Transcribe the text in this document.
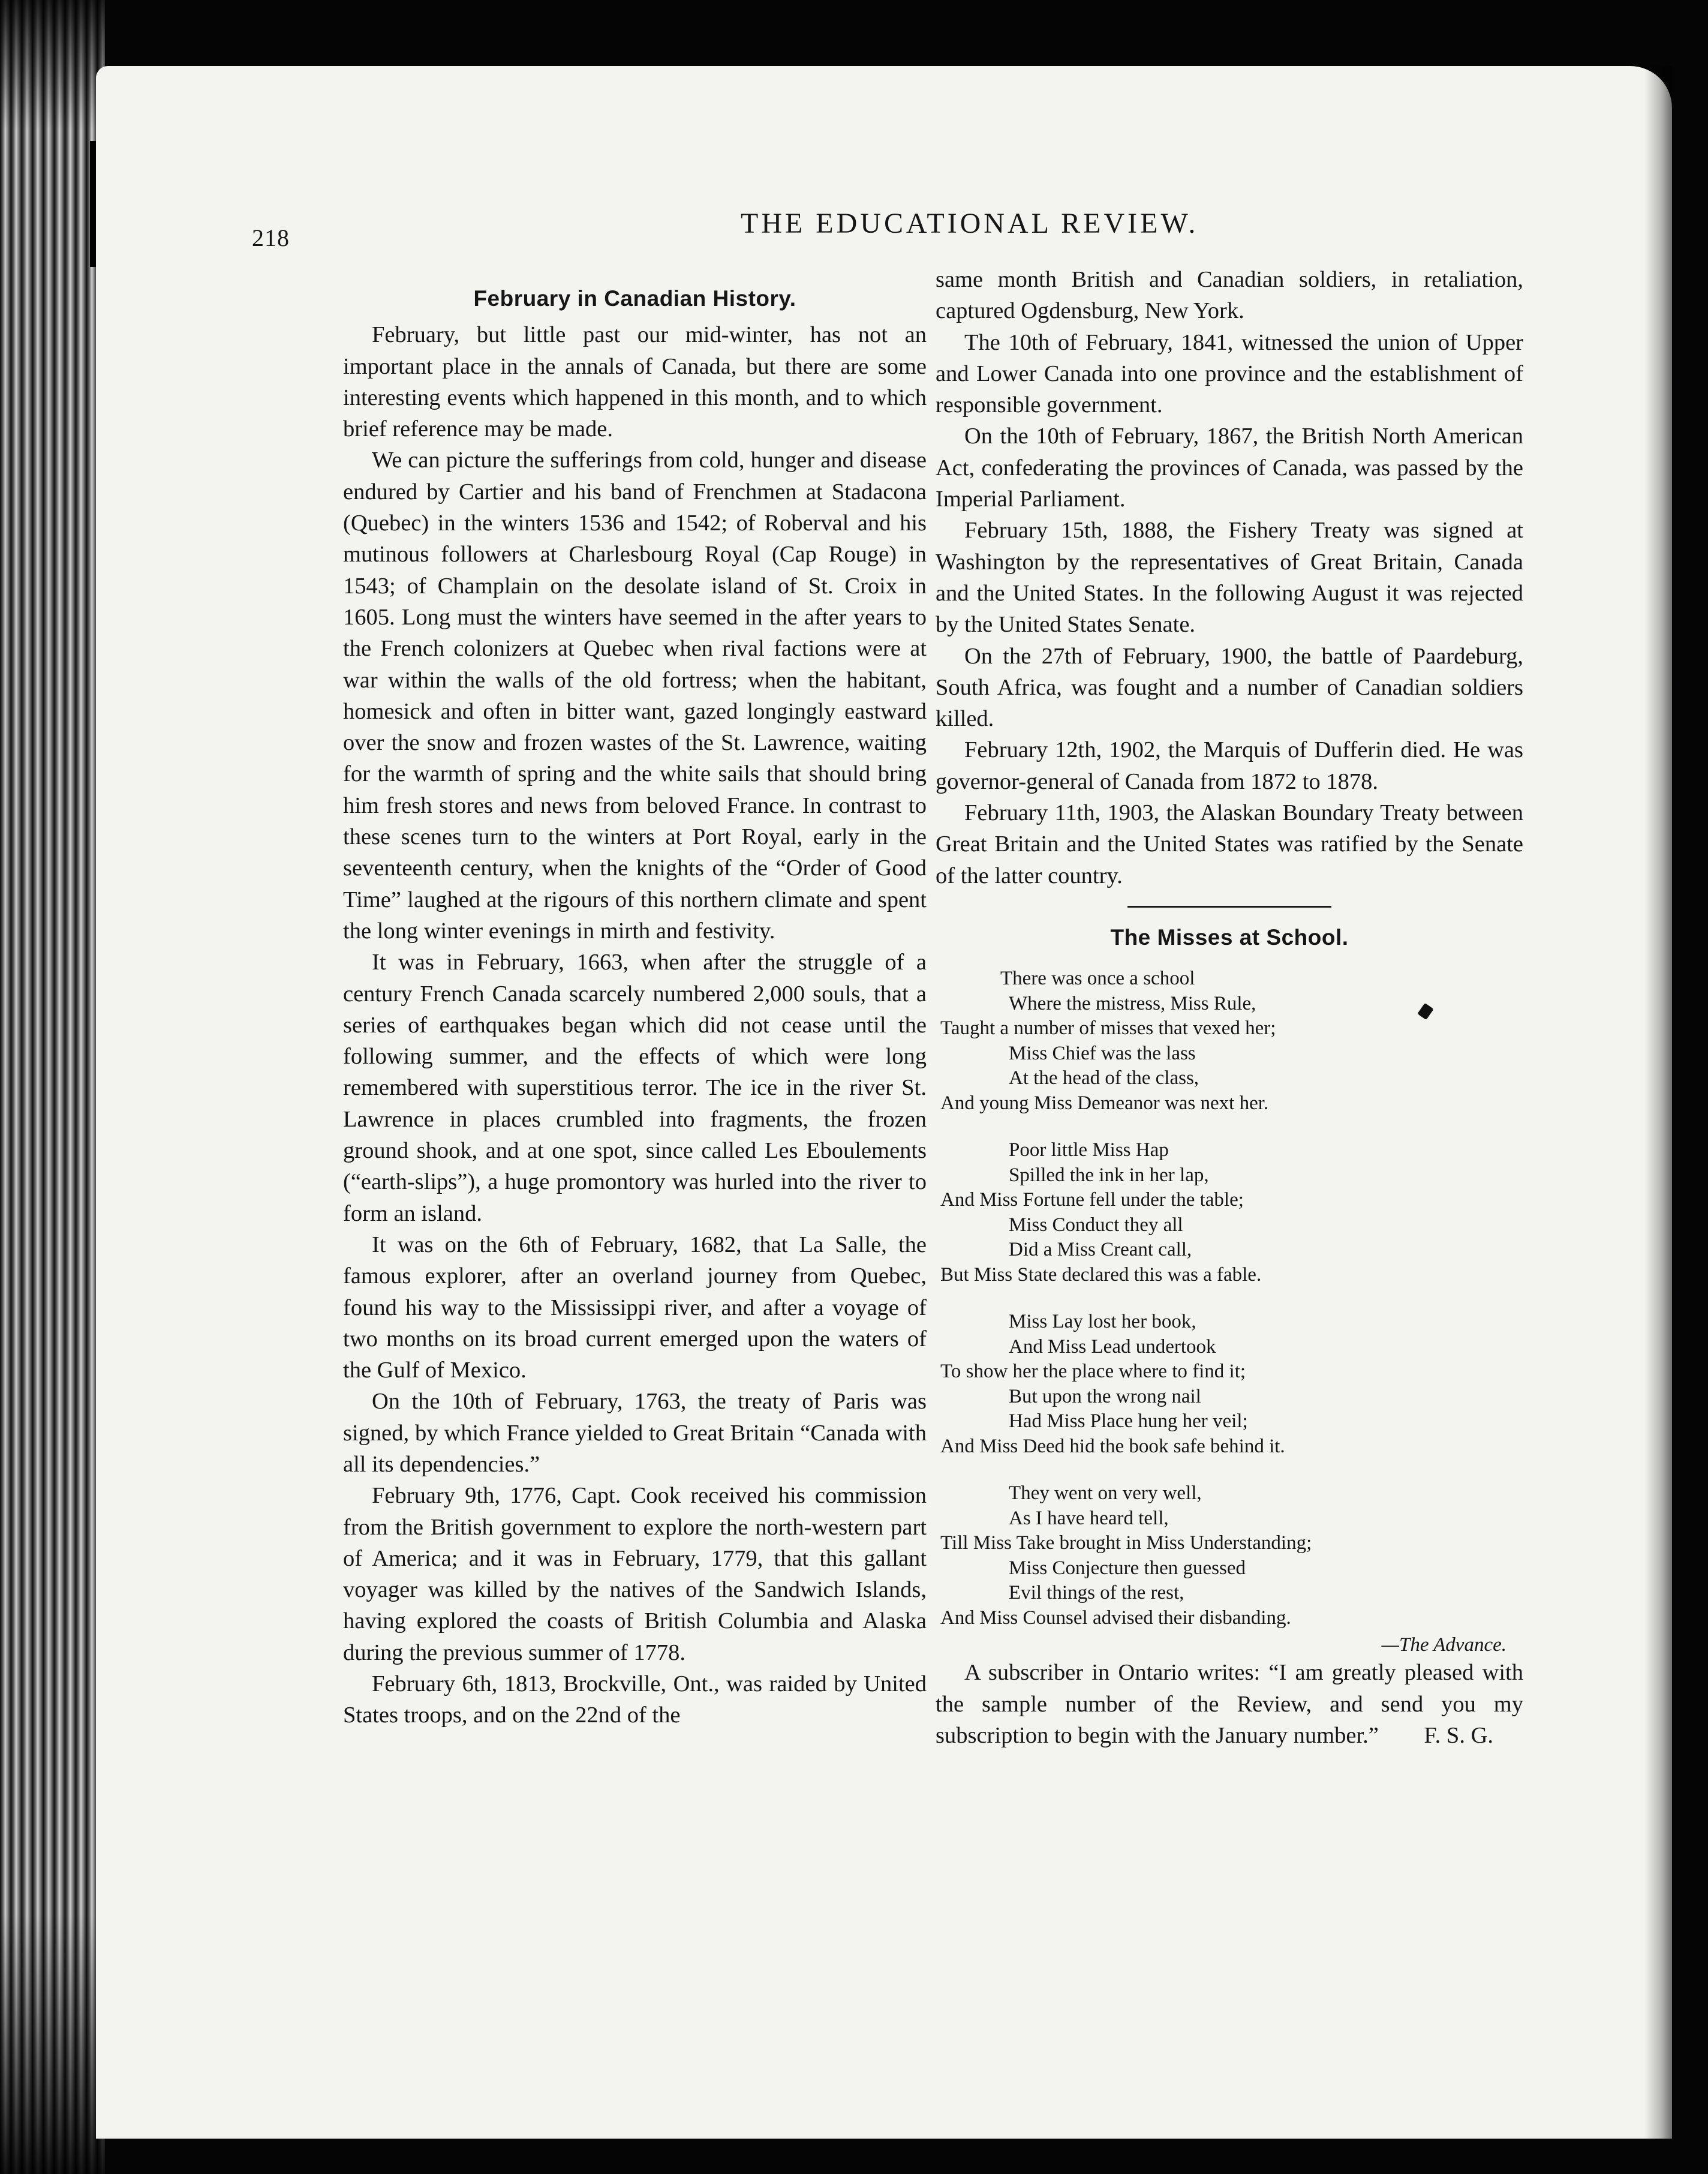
218	THE EDUCATIONAL REVIEW.
February in Canadian History.

February, but little past our mid-winter, has not an important place in the annals of Canada, but there are some interesting events which happened in this month, and to which brief reference may be made.

We can picture the sufferings from cold, hunger and disease endured by Cartier and his band of Frenchmen at Stadacona (Quebec) in the winters 1536 and 1542; of Roberval and his mutinous followers at Charlesbourg Royal (Cap Rouge) in 1543; of Champlain on the desolate island of St. Croix in 1605. Long must the winters have seemed in the after years to the French colonizers at Quebec when rival factions were at war within the walls of the old fortress; when the habitant, homesick and often in bitter want, gazed longingly eastward over the snow and frozen wastes of the St. Lawrence, waiting for the warmth of spring and the white sails that should bring him fresh stores and news from beloved France. In contrast to these scenes turn to the winters at Port Royal, early in the seventeenth century, when the knights of the “Order of Good Time” laughed at the rigours of this northern climate and spent the long winter evenings in mirth and festivity.

It was in February, 1663, when after the struggle of a century French Canada scarcely numbered 2,000 souls, that a series of earthquakes began which did not cease until the following summer, and the effects of which were long remembered with superstitious terror. The ice in the river St. Lawrence in places crumbled into fragments, the frozen ground shook, and at one spot, since called Les Eboulements (“earth-slips”), a huge promontory was hurled into the river to form an island.

It was on the 6th of February, 1682, that La Salle, the famous explorer, after an overland journey from Quebec, found his way to the Mississippi river, and after a voyage of two months on its broad current emerged upon the waters of the Gulf of Mexico.

On the 10th of February, 1763, the treaty of Paris was signed, by which France yielded to Great Britain “Canada with all its dependencies.”

February 9th, 1776, Capt. Cook received his commission from the British government to explore the north-western part of America; and it was in February, 1779, that this gallant voyager was killed by the natives of the Sandwich Islands, having explored the coasts of British Columbia and Alaska during the previous summer of 1778.

February 6th, 1813, Brockville, Ont., was raided by United States troops, and on the 22nd of the

same month British and Canadian soldiers, in retaliation, captured Ogdensburg, New York.

The 10th of February, 1841, witnessed the union of Upper and Lower Canada into one province and the establishment of responsible government.

On the 10th of February, 1867, the British North American Act, confederating the provinces of Canada, was passed by the Imperial Parliament.

February 15th, 1888, the Fishery Treaty was signed at Washington by the representatives of Great Britain, Canada and the United States. In the following August it was rejected by the United States Senate.

On the 27th of February, 1900, the battle of Paardeburg, South Africa, was fought and a number of Canadian soldiers killed.

February 12th, 1902, the Marquis of Dufferin died. He was governor-general of Canada from 1872 to 1878.

February 11th, 1903, the Alaskan Boundary Treaty between Great Britain and the United States was ratified by the Senate of the latter country.

The Misses at School.
There was once a school
Where the mistress, Miss Rule,
Taught a number of misses that vexed her;
Miss Chief was the lass
At the head of the class,
And young Miss Demeanor was next her.
Poor little Miss Hap
Spilled the ink in her lap,
And Miss Fortune fell under the table;
Miss Conduct they all
Did a Miss Creant call,
But Miss State declared this was a fable.
Miss Lay lost her book,
And Miss Lead undertook
To show her the place where to find it;
But upon the wrong nail
Had Miss Place hung her veil;
And Miss Deed hid the book safe behind it.
They went on very well,
As I have heard tell,
Till Miss Take brought in Miss Understanding;
Miss Conjecture then guessed
Evil things of the rest,
And Miss Counsel advised their disbanding.
—The Advance.

A subscriber in Ontario writes: “I am greatly pleased with the sample number of the Review, and send you my subscription to begin with the January number.”	F. S. G.
